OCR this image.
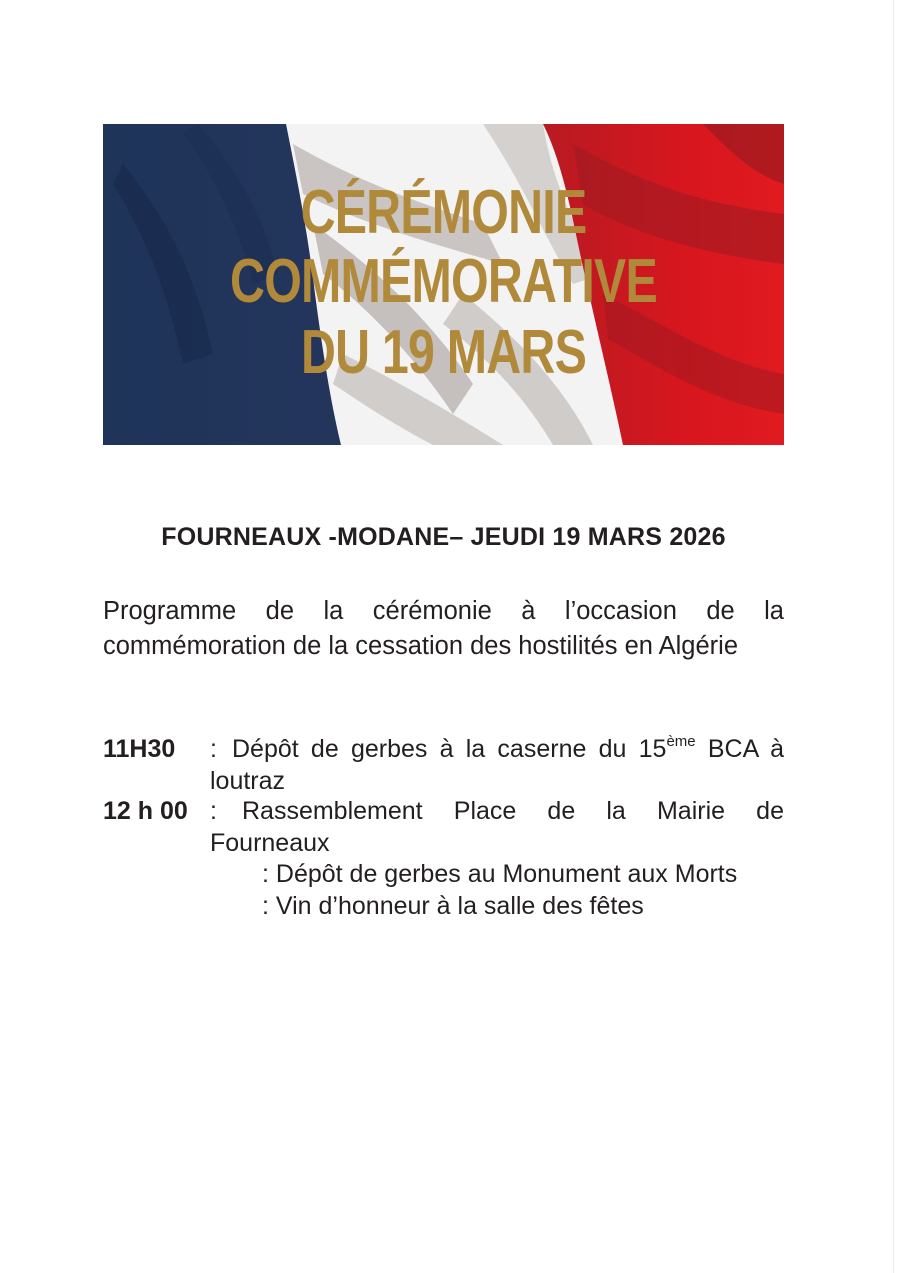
CÉRÉMONIE
COMMÉMORATIVE
DU 19 MARS
FOURNEAUX -MODANE– JEUDI 19 MARS 2026

Programme de la cérémonie à l’occasion de la commémoration de la cessation des hostilités en Algérie

11H30 : Dépôt de gerbes à la caserne du 15ème BCA à loutraz
12 h 00 :	Rassemblement Place de la Mairie de Fourneaux
: Dépôt de gerbes au Monument aux Morts
: Vin d’honneur à la salle des fêtes
